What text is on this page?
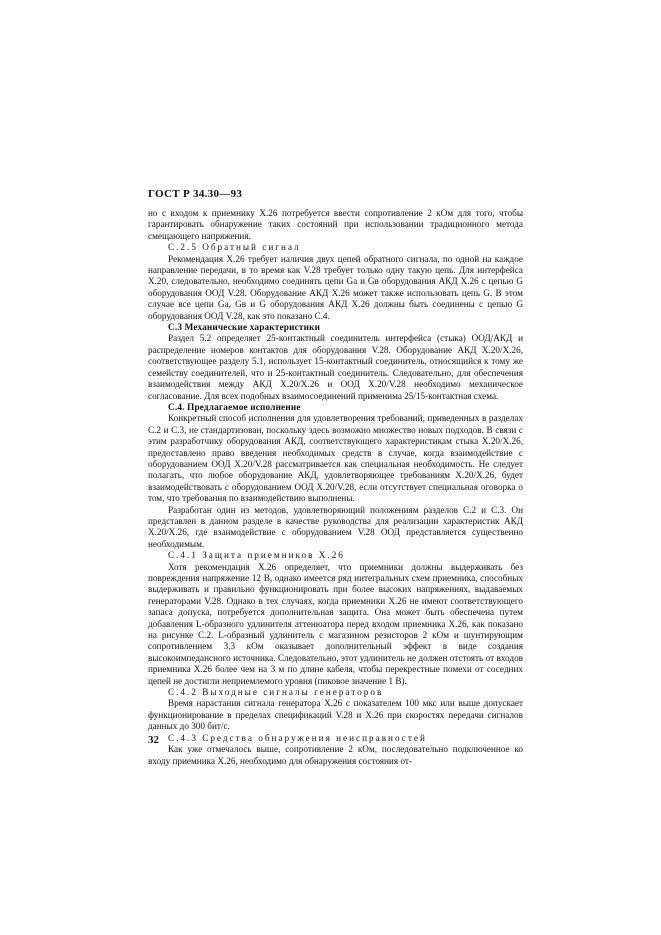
ГОСТ Р 34.30—93

но с входом к приемнику Х.26 потребуется ввести сопротивление 2 кОм для того, чтобы гарантировать обнаружение таких состояний при использовании традиционного метода смещающего напряжения.

С.2.5 Обратный сигнал

Рекомендация Х.26 требует наличия двух цепей обратного сигнала, по одной на каждое направление передачи, в то время как V.28 требует только одну такую цепь. Для интерфейса Х.20, следовательно, необходимо соединять цепи Ga и Gв оборудования АКД Х.26 с цепью G оборудования ООД V.28. Оборудование АКД Х.26 может также использовать цепь G. В этом случае все цепи Ga, Gв и G оборудования АКД Х.26 должны быть соединены с цепью G оборудования ООД V.28, как это показано С.4.

С.3 Механические характеристики

Раздел 5.2 определяет 25-контактный соединитель интерфейса (стыка) ООД/АКД и распределение номеров контактов для оборудования V.28. Оборудование АКД Х.20/Х.26, соответствующее разделу 5.1, использует 15-контактный соединитель, относящийся к тому же семейству соединителей, что и 25-контактный соединитель. Следовательно, для обеспечения взаимодействия между АКД Х.20/Х.26 и ООД Х.20/V.28 необходимо механическое согласование. Для всех подобных взаимосоединений применима 25/15-контактная схема.

С.4. Предлагаемое исполнение

Конкретный способ исполнения для удовлетворения требований, приведенных в разделах С.2 и С.3, не стандартизован, поскольку здесь возможно множество новых подходов. В связи с этим разработчику оборудования АКД, соответствующего характеристикам стыка Х.20/Х.26, предоставлено право введения необходимых средств в случае, когда взаимодействие с оборудованием ООД Х.20/V.28 рассматривается как специальная необходимость. Не следует полагать, что любое оборудование АКД, удовлетворяющее требованиям Х.20/Х.26, будет взаимодействовать с оборудованием ООД Х.20/V.28, если отсутствует специальная оговорка о том, что требования по взаимодействию выполнены.

Разработан один из методов, удовлетворяющий положениям разделов С.2 и С.3. Он представлен в данном разделе в качестве руководства для реализации характеристик АКД Х.20/Х.26, где взаимодействие с оборудованием V.28 ООД представляется существенно необходимым.

С.4.1 Защита приемников Х.26

Хотя рекомендация Х.26 определяет, что приемники должны выдерживать без повреждения напряжение 12 В, однако имеется ряд интегральных схем приемника, способных выдерживать и правильно функционировать при более высоких напряжениях, выдаваемых генераторами V.28. Однако в тех случаях, когда приемники Х.26 не имеют соответствующего запаса допуска, потребуется дополнительная защита. Она может быть обеспечена путем добавления L-образного удлинителя аттенюатора перед входом приемника Х.26, как показано на рисунке С.2. L-образный удлинитель с магазином резисторов 2 кОм и шунтирующим сопротивлением 3,3 кОм оказывает дополнительный эффект в виде создания высокоимпедансного источника. Следовательно, этот удлинитель не должен отстоять от входов приемника Х.26 более чем на 3 м по длине кабеля, чтобы перекрестные помехи от соседних цепей не достигли неприемлемого уровня (пиковое значение 1 В).

С.4.2 Выходные сигналы генераторов

Время нарастания сигнала генератора Х.26 с показателем 100 мкс или выше допускает функционирование в пределах спецификаций V.28 и Х.26 при скоростях передачи сигналов данных до 300 бит/с.

С.4.3 Средства обнаружения неисправностей

Как уже отмечалось выше, сопротивление 2 кОм, последовательно подключенное ко входу приемника Х.26, необходимо для обнаружения состояния от-

32
